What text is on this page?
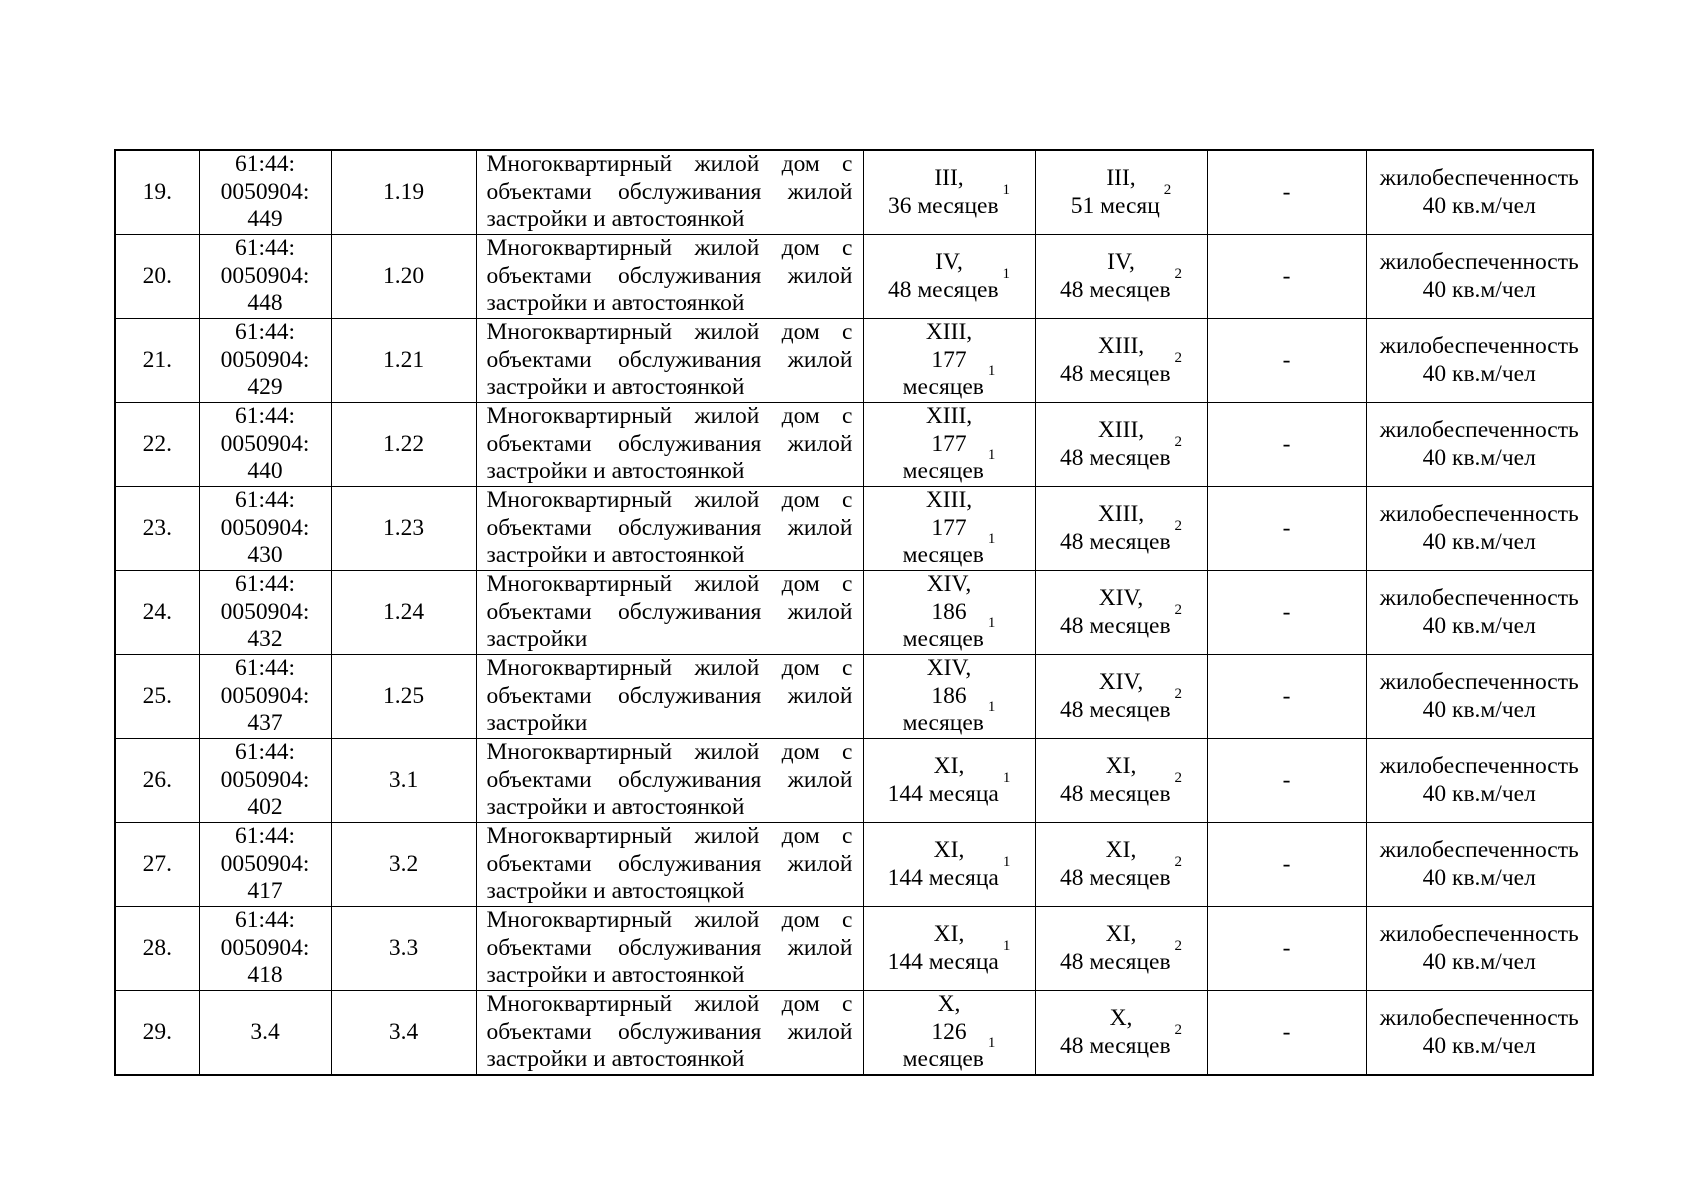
19.	61:44:
0050904:
449	1.19	Многоквартирный жилой дом с объектами обслуживания жилой застройки и автостоянкой	III,
36 месяцев$^1$	III,
51 месяц$^2$	-	жилобеспеченность
40 кв.м/чел

20.	61:44:
0050904:
448	1.20	Многоквартирный жилой дом с объектами обслуживания жилой застройки и автостоянкой	IV,
48 месяцев$^1$	IV,
48 месяцев$^2$	-	жилобеспеченность
40 кв.м/чел

21.	61:44:
0050904:
429	1.21	Многоквартирный жилой дом с объектами обслуживания жилой застройки и автостоянкой	XIII,
177
месяцев$^1$	XIII,
48 месяцев$^2$	-	жилобеспеченность
40 кв.м/чел

22.	61:44:
0050904:
440	1.22	Многоквартирный жилой дом с объектами обслуживания жилой застройки и автостоянкой	XIII,
177
месяцев$^1$	XIII,
48 месяцев$^2$	-	жилобеспеченность
40 кв.м/чел

23.	61:44:
0050904:
430	1.23	Многоквартирный жилой дом с объектами обслуживания жилой застройки и автостоянкой	XIII,
177
месяцев$^1$	XIII,
48 месяцев$^2$	-	жилобеспеченность
40 кв.м/чел

24.	61:44:
0050904:
432	1.24	Многоквартирный жилой дом с объектами обслуживания жилой застройки	XIV,
186
месяцев$^1$	XIV,
48 месяцев$^2$	-	жилобеспеченность
40 кв.м/чел

25.	61:44:
0050904:
437	1.25	Многоквартирный жилой дом с объектами обслуживания жилой застройки	XIV,
186
месяцев$^1$	XIV,
48 месяцев$^2$	-	жилобеспеченность
40 кв.м/чел

26.	61:44:
0050904:
402	3.1	Многоквартирный жилой дом с объектами обслуживания жилой застройки и автостоянкой	XI,
144 месяца$^1$	XI,
48 месяцев$^2$	-	жилобеспеченность
40 кв.м/чел

27.	61:44:
0050904:
417	3.2	Многоквартирный жилой дом с объектами обслуживания жилой застройки и автостояцкой	XI,
144 месяца$^1$	XI,
48 месяцев$^2$	-	жилобеспеченность
40 кв.м/чел

28.	61:44:
0050904:
418	3.3	Многоквартирный жилой дом с объектами обслуживания жилой застройки и автостоянкой	XI,
144 месяца$^1$	XI,
48 месяцев$^2$	-	жилобеспеченность
40 кв.м/чел

29.	3.4	3.4	Многоквартирный жилой дом с объектами обслуживания жилой застройки и автостоянкой	X,
126
месяцев$^1$	X,
48 месяцев$^2$	-	жилобеспеченность
40 кв.м/чел
